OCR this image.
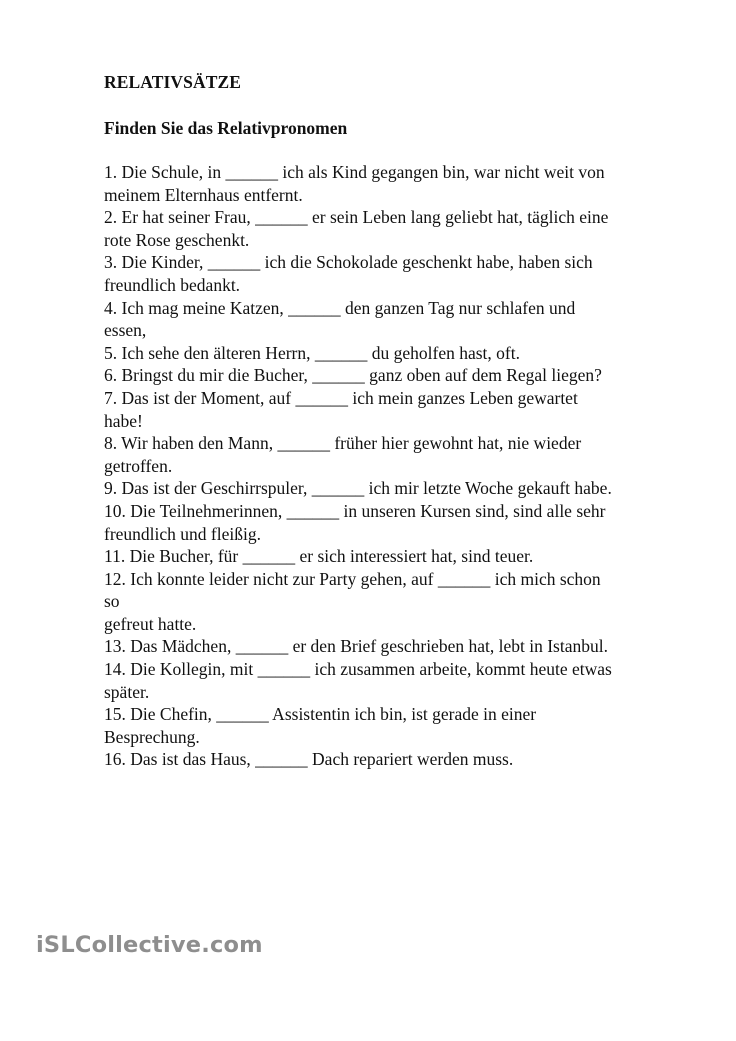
RELATIVSÄTZE
Finden Sie das Relativpronomen
1. Die Schule, in ______ ich als Kind gegangen bin, war nicht weit von
meinem Elternhaus entfernt.
2. Er hat seiner Frau, ______ er sein Leben lang geliebt hat, täglich eine
rote Rose geschenkt.
3. Die Kinder, ______ ich die Schokolade geschenkt habe, haben sich
freundlich bedankt.
4. Ich mag meine Katzen, ______ den ganzen Tag nur schlafen und
essen,
5. Ich sehe den älteren Herrn, ______ du geholfen hast, oft.
6. Bringst du mir die Bucher, ______ ganz oben auf dem Regal liegen?
7. Das ist der Moment, auf ______ ich mein ganzes Leben gewartet
habe!
8. Wir haben den Mann, ______ früher hier gewohnt hat, nie wieder
getroffen.
9. Das ist der Geschirrspuler, ______ ich mir letzte Woche gekauft habe.
10. Die Teilnehmerinnen, ______ in unseren Kursen sind, sind alle sehr
freundlich und fleißig.
11. Die Bucher, für ______ er sich interessiert hat, sind teuer.
12. Ich konnte leider nicht zur Party gehen, auf ______ ich mich schon
so
gefreut hatte.
13. Das Mädchen, ______ er den Brief geschrieben hat, lebt in Istanbul.
14. Die Kollegin, mit ______ ich zusammen arbeite, kommt heute etwas
später.
15. Die Chefin, ______ Assistentin ich bin, ist gerade in einer
Besprechung.
16. Das ist das Haus, ______ Dach repariert werden muss.
iSLCollective.com
